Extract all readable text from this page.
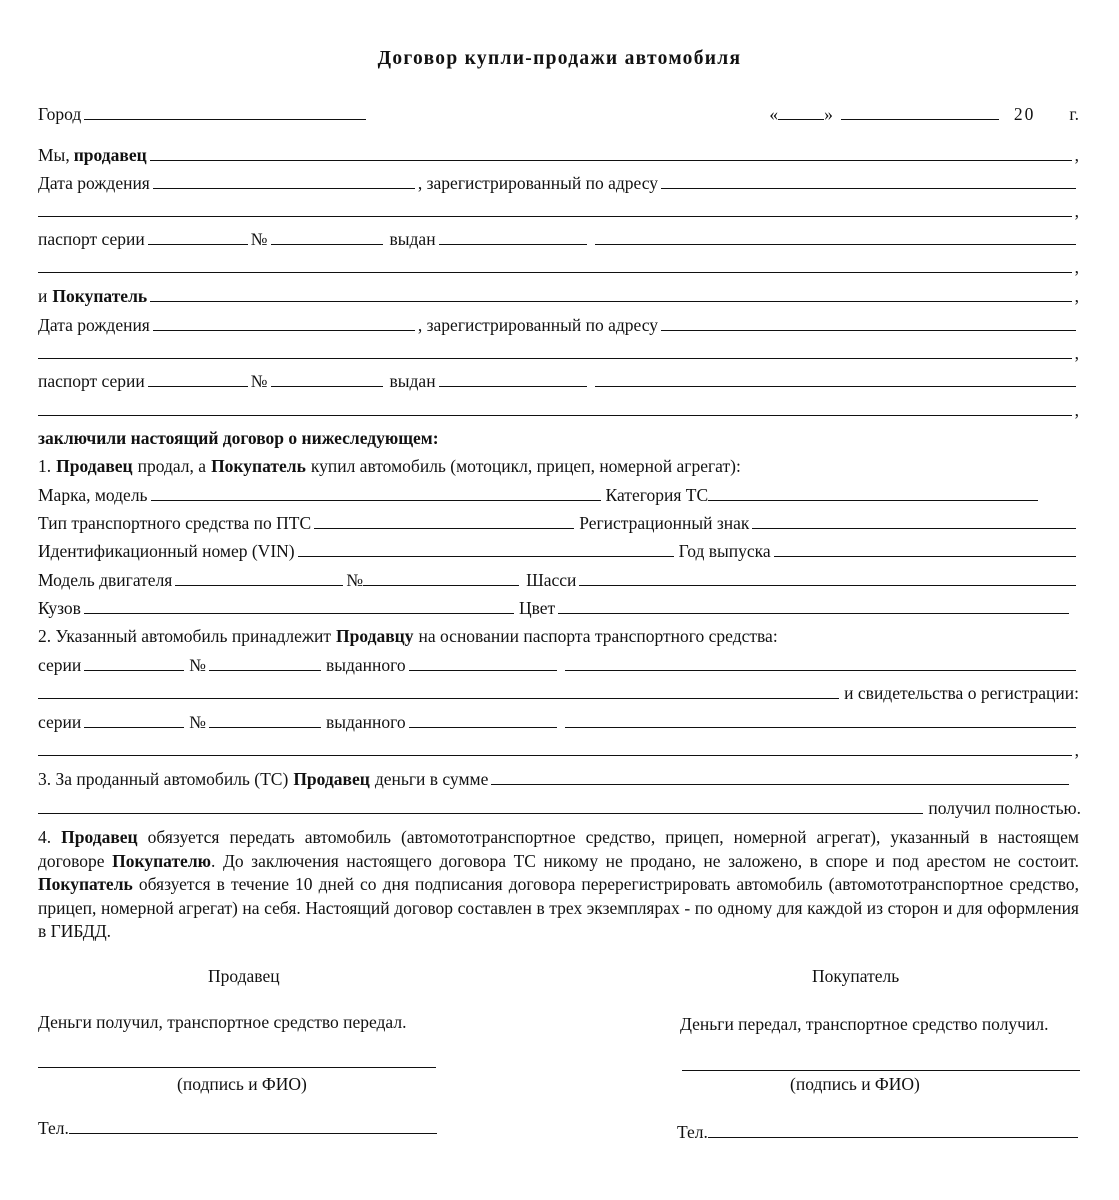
Договор купли-продажи автомобиля
Город	«	»	20 г.
Мы, продавец	,
Дата рождения	, зарегистрированный по адресу
,
паспорт серии	№	выдан
,
и Покупатель	,
Дата рождения	, зарегистрированный по адресу
,
паспорт серии	№	выдан
,
заключили настоящий договор о нижеследующем:
1. Продавец продал, а Покупатель купил автомобиль (мотоцикл, прицеп, номерной агрегат):
Марка, модель	Категория ТС
Тип транспортного средства по ПТС	Регистрационный знак
Идентификационный номер (VIN)	Год выпуска
Модель двигателя	№	Шасси
Кузов	Цвет
2. Указанный автомобиль принадлежит Продавцу на основании паспорта транспортного средства:
серии	№	выданного
и свидетельства о регистрации:
серии	№	выданного
,
3. За проданный автомобиль (ТС) Продавец деньги в сумме
получил полностью.
4. Продавец обязуется передать автомобиль (автомототранспортное средство, прицеп, номерной агрегат), указанный в настоящем договоре Покупателю. До заключения настоящего договора ТС никому не продано, не заложено, в споре и под арестом не состоит. Покупатель обязуется в течение 10 дней со дня подписания договора перерегистрировать автомобиль (автомототранспортное средство, прицеп, номерной агрегат) на себя. Настоящий договор составлен в трех экземплярах - по одному для каждой из сторон и для оформления в ГИБДД.
Продавец	Покупатель
Деньги получил, транспортное средство передал.	Деньги передал, транспортное средство получил.
(подпись и ФИО)	(подпись и ФИО)
Тел.	Тел.
